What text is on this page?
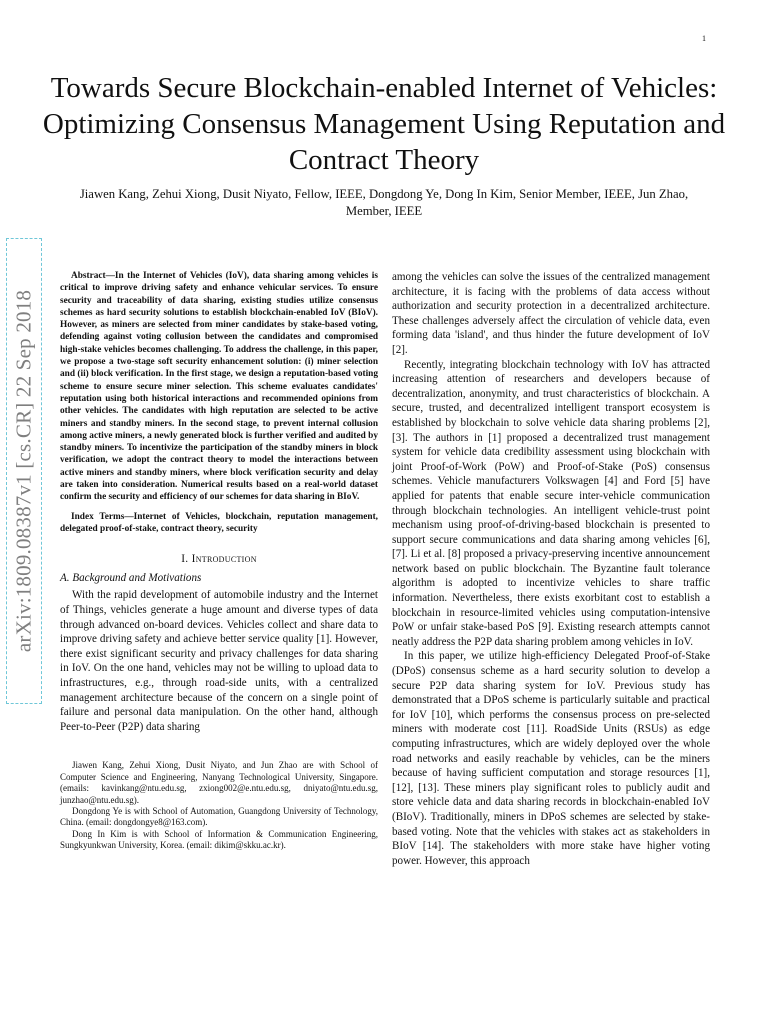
1
arXiv:1809.08387v1 [cs.CR] 22 Sep 2018
Towards Secure Blockchain-enabled Internet of Vehicles: Optimizing Consensus Management Using Reputation and Contract Theory

Jiawen Kang, Zehui Xiong, Dusit Niyato, Fellow, IEEE, Dongdong Ye, Dong In Kim, Senior Member, IEEE, Jun Zhao, Member, IEEE

Abstract—In the Internet of Vehicles (IoV), data sharing among vehicles is critical to improve driving safety and enhance vehicular services. To ensure security and traceability of data sharing, existing studies utilize consensus schemes as hard security solutions to establish blockchain-enabled IoV (BIoV). However, as miners are selected from miner candidates by stake-based voting, defending against voting collusion between the candidates and compromised high-stake vehicles becomes challenging. To address the challenge, in this paper, we propose a two-stage soft security enhancement solution: (i) miner selection and (ii) block verification. In the first stage, we design a reputation-based voting scheme to ensure secure miner selection. This scheme evaluates candidates' reputation using both historical interactions and recommended opinions from other vehicles. The candidates with high reputation are selected to be active miners and standby miners. In the second stage, to prevent internal collusion among active miners, a newly generated block is further verified and audited by standby miners. To incentivize the participation of the standby miners in block verification, we adopt the contract theory to model the interactions between active miners and standby miners, where block verification security and delay are taken into consideration. Numerical results based on a real-world dataset confirm the security and efficiency of our schemes for data sharing in BIoV.

Index Terms—Internet of Vehicles, blockchain, reputation management, delegated proof-of-stake, contract theory, security

I. Introduction

A. Background and Motivations

With the rapid development of automobile industry and the Internet of Things, vehicles generate a huge amount and diverse types of data through advanced on-board devices. Vehicles collect and share data to improve driving safety and achieve better service quality [1]. However, there exist significant security and privacy challenges for data sharing in IoV. On the one hand, vehicles may not be willing to upload data to infrastructures, e.g., through road-side units, with a centralized management architecture because of the concern on a single point of failure and personal data manipulation. On the other hand, although Peer-to-Peer (P2P) data sharing

Jiawen Kang, Zehui Xiong, Dusit Niyato, and Jun Zhao are with School of Computer Science and Engineering, Nanyang Technological University, Singapore. (emails: kavinkang@ntu.edu.sg, zxiong002@e.ntu.edu.sg, dniyato@ntu.edu.sg, junzhao@ntu.edu.sg).

Dongdong Ye is with School of Automation, Guangdong University of Technology, China. (email: dongdongye8@163.com).

Dong In Kim is with School of Information & Communication Engineering, Sungkyunkwan University, Korea. (email: dikim@skku.ac.kr).

among the vehicles can solve the issues of the centralized management architecture, it is facing with the problems of data access without authorization and security protection in a decentralized architecture. These challenges adversely affect the circulation of vehicle data, even forming data 'island', and thus hinder the future development of IoV [2].

Recently, integrating blockchain technology with IoV has attracted increasing attention of researchers and developers because of decentralization, anonymity, and trust characteristics of blockchain. A secure, trusted, and decentralized intelligent transport ecosystem is established by blockchain to solve vehicle data sharing problems [2], [3]. The authors in [1] proposed a decentralized trust management system for vehicle data credibility assessment using blockchain with joint Proof-of-Work (PoW) and Proof-of-Stake (PoS) consensus schemes. Vehicle manufacturers Volkswagen [4] and Ford [5] have applied for patents that enable secure inter-vehicle communication through blockchain technologies. An intelligent vehicle-trust point mechanism using proof-of-driving-based blockchain is presented to support secure communications and data sharing among vehicles [6], [7]. Li et al. [8] proposed a privacy-preserving incentive announcement network based on public blockchain. The Byzantine fault tolerance algorithm is adopted to incentivize vehicles to share traffic information. Nevertheless, there exists exorbitant cost to establish a blockchain in resource-limited vehicles using computation-intensive PoW or unfair stake-based PoS [9]. Existing research attempts cannot neatly address the P2P data sharing problem among vehicles in IoV.

In this paper, we utilize high-efficiency Delegated Proof-of-Stake (DPoS) consensus scheme as a hard security solution to develop a secure P2P data sharing system for IoV. Previous study has demonstrated that a DPoS scheme is particularly suitable and practical for IoV [10], which performs the consensus process on pre-selected miners with moderate cost [11]. RoadSide Units (RSUs) as edge computing infrastructures, which are widely deployed over the whole road networks and easily reachable by vehicles, can be the miners because of having sufficient computation and storage resources [1], [12], [13]. These miners play significant roles to publicly audit and store vehicle data and data sharing records in blockchain-enabled IoV (BIoV). Traditionally, miners in DPoS schemes are selected by stake-based voting. Note that the vehicles with stakes act as stakeholders in BIoV [14]. The stakeholders with more stake have higher voting power. However, this approach
